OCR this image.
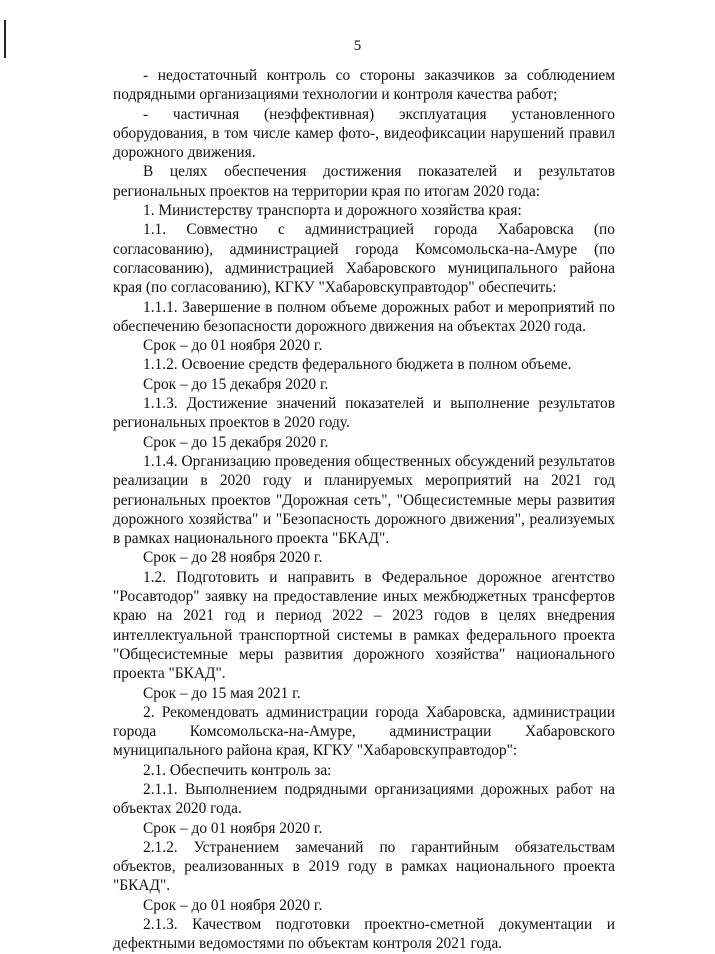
5

- недостаточный контроль со стороны заказчиков за соблюдением подрядными организациями технологии и контроля качества работ;

- частичная (неэффективная) эксплуатация установленного оборудования, в том числе камер фото-, видеофиксации нарушений правил дорожного движения.

В целях обеспечения достижения показателей и результатов региональных проектов на территории края по итогам 2020 года:

1. Министерству транспорта и дорожного хозяйства края:

1.1. Совместно с администрацией города Хабаровска (по согласованию), администрацией города Комсомольска-на-Амуре (по согласованию), администрацией Хабаровского муниципального района края (по согласованию), КГКУ "Хабаровскуправтодор" обеспечить:

1.1.1. Завершение в полном объеме дорожных работ и мероприятий по обеспечению безопасности дорожного движения на объектах 2020 года.

Срок – до 01 ноября 2020 г.

1.1.2. Освоение средств федерального бюджета в полном объеме.

Срок – до 15 декабря 2020 г.

1.1.3. Достижение значений показателей и выполнение результатов региональных проектов в 2020 году.

Срок – до 15 декабря 2020 г.

1.1.4. Организацию проведения общественных обсуждений результатов реализации в 2020 году и планируемых мероприятий на 2021 год региональных проектов "Дорожная сеть", "Общесистемные меры развития дорожного хозяйства" и "Безопасность дорожного движения", реализуемых в рамках национального проекта "БКАД".

Срок – до 28 ноября 2020 г.

1.2. Подготовить и направить в Федеральное дорожное агентство "Росавтодор" заявку на предоставление иных межбюджетных трансфертов краю на 2021 год и период 2022 – 2023 годов в целях внедрения интеллектуальной транспортной системы в рамках федерального проекта "Общесистемные меры развития дорожного хозяйства" национального проекта "БКАД".

Срок – до 15 мая 2021 г.

2. Рекомендовать администрации города Хабаровска, администрации города Комсомольска-на-Амуре, администрации Хабаровского муниципального района края, КГКУ "Хабаровскуправтодор":

2.1. Обеспечить контроль за:

2.1.1. Выполнением подрядными организациями дорожных работ на объектах 2020 года.

Срок – до 01 ноября 2020 г.

2.1.2. Устранением замечаний по гарантийным обязательствам объектов, реализованных в 2019 году в рамках национального проекта "БКАД".

Срок – до 01 ноября 2020 г.

2.1.3. Качеством подготовки проектно-сметной документации и дефектными ведомостями по объектам контроля 2021 года.
